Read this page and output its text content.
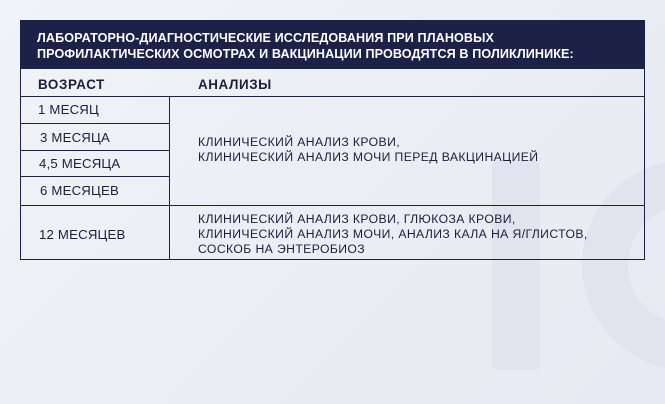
ЛАБОРАТОРНО-ДИАГНОСТИЧЕСКИЕ ИССЛЕДОВАНИЯ ПРИ ПЛАНОВЫХ
ПРОФИЛАКТИЧЕСКИХ ОСМОТРАХ И ВАКЦИНАЦИИ ПРОВОДЯТСЯ В ПОЛИКЛИНИКЕ:
ВОЗРАСТ	АНАЛИЗЫ
1 МЕСЯЦ
3 МЕСЯЦА
4,5 МЕСЯЦА
6 МЕСЯЦЕВ
12 МЕСЯЦЕВ
КЛИНИЧЕСКИЙ АНАЛИЗ КРОВИ,
КЛИНИЧЕСКИЙ АНАЛИЗ МОЧИ ПЕРЕД ВАКЦИНАЦИЕЙ
КЛИНИЧЕСКИЙ АНАЛИЗ КРОВИ, ГЛЮКОЗА КРОВИ,
КЛИНИЧЕСКИЙ АНАЛИЗ МОЧИ, АНАЛИЗ КАЛА НА Я/ГЛИСТОВ,
СОСКОБ НА ЭНТЕРОБИОЗ
